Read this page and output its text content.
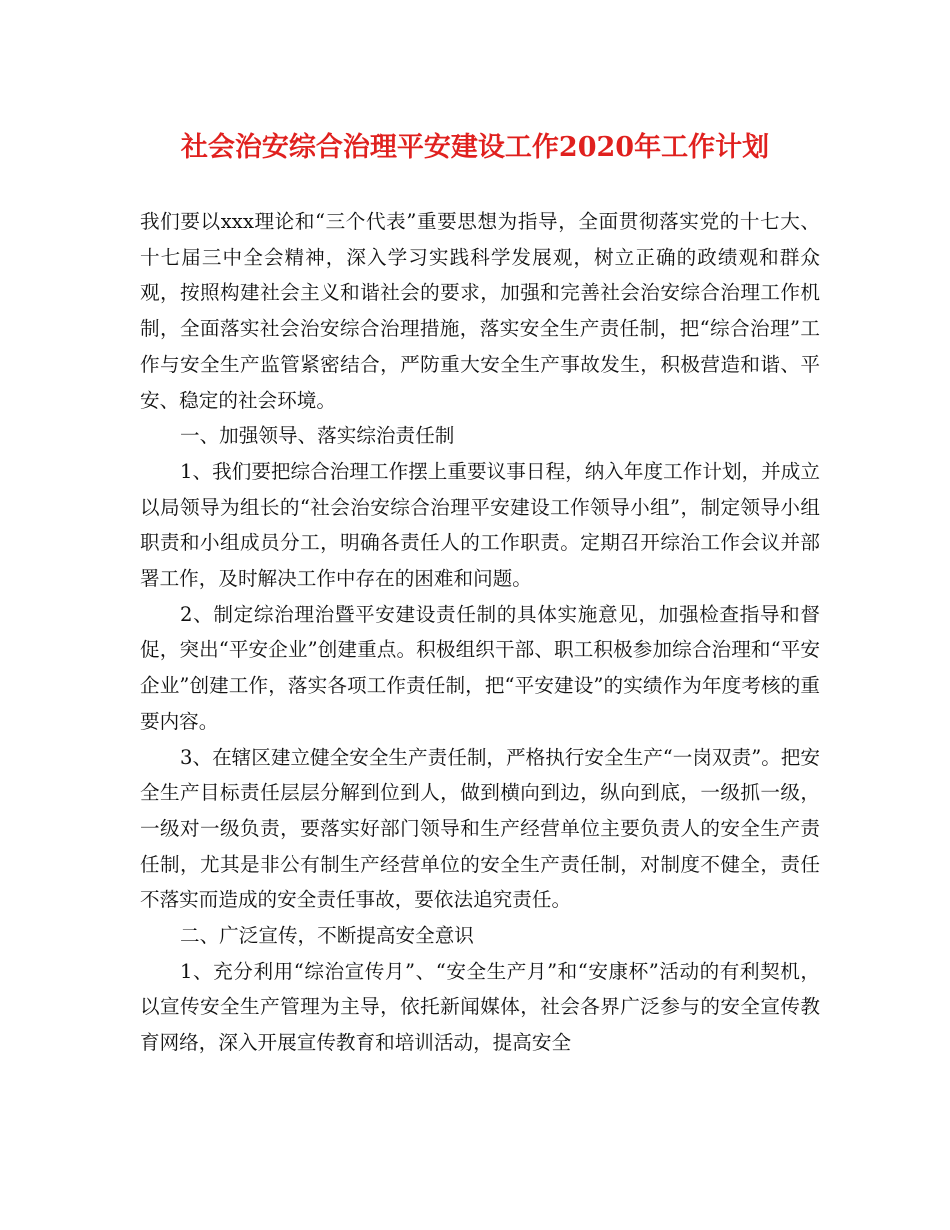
社会治安综合治理平安建设工作2020年工作计划

我们要以xxx理论和“三个代表”重要思想为指导，全面贯彻落实党的十七大、十七届三中全会精神，深入学习实践科学发展观，树立正确的政绩观和群众观，按照构建社会主义和谐社会的要求，加强和完善社会治安综合治理工作机制，全面落实社会治安综合治理措施，落实安全生产责任制，把“综合治理”工作与安全生产监管紧密结合，严防重大安全生产事故发生，积极营造和谐、平安、稳定的社会环境。

一、加强领导、落实综治责任制

1、我们要把综合治理工作摆上重要议事日程，纳入年度工作计划，并成立以局领导为组长的“社会治安综合治理平安建设工作领导小组”，制定领导小组职责和小组成员分工，明确各责任人的工作职责。定期召开综治工作会议并部署工作，及时解决工作中存在的困难和问题。

2、制定综治理治暨平安建设责任制的具体实施意见，加强检查指导和督促，突出“平安企业”创建重点。积极组织干部、职工积极参加综合治理和“平安企业”创建工作，落实各项工作责任制，把“平安建设”的实绩作为年度考核的重要内容。

3、在辖区建立健全安全生产责任制，严格执行安全生产“一岗双责”。把安全生产目标责任层层分解到位到人，做到横向到边，纵向到底，一级抓一级，一级对一级负责，要落实好部门领导和生产经营单位主要负责人的安全生产责任制，尤其是非公有制生产经营单位的安全生产责任制，对制度不健全，责任不落实而造成的安全责任事故，要依法追究责任。

二、广泛宣传，不断提高安全意识

1、充分利用“综治宣传月”、“安全生产月”和“安康杯”活动的有利契机，以宣传安全生产管理为主导，依托新闻媒体，社会各界广泛参与的安全宣传教育网络，深入开展宣传教育和培训活动，提高安全
